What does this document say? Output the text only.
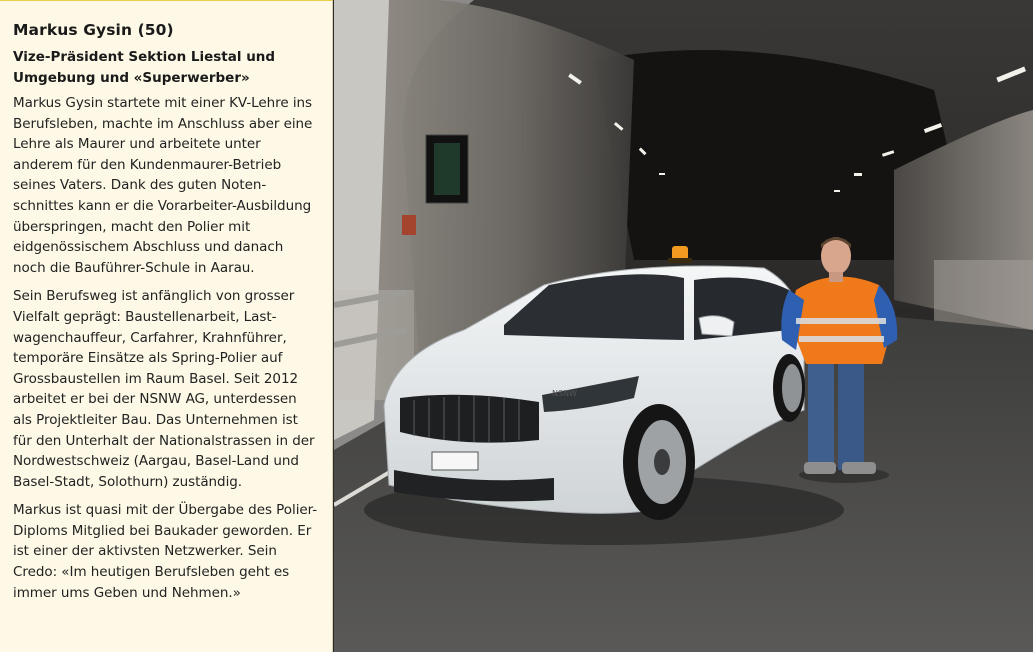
Markus Gysin (50)
Vize-Präsident Sektion Liestal und Umgebung und «Superwerber»

Markus Gysin startete mit einer KV-Lehre ins Berufsleben, machte im Anschluss aber eine Lehre als Maurer und arbeitete unter anderem für den Kundenmaurer-Betrieb seines Vaters. Dank des guten Noten-schnittes kann er die Vorarbeiter-Ausbildung überspringen, macht den Polier mit eidgenössischem Abschluss und danach noch die Bauführer-Schule in Aarau.

Sein Berufsweg ist anfänglich von grosser Vielfalt geprägt: Baustellenarbeit, Last-wagenchauffeur, Carfahrer, Krahnführer, temporäre Einsätze als Spring-Polier auf Grossbaustellen im Raum Basel. Seit 2012 arbeitet er bei der NSNW AG, unterdessen als Projektleiter Bau. Das Unternehmen ist für den Unterhalt der Nationalstrassen in der Nordwestschweiz (Aargau, Basel-Land und Basel-Stadt, Solothurn) zuständig.

Markus ist quasi mit der Übergabe des Polier-Diploms Mitglied bei Baukader geworden. Er ist einer der aktivsten Netzwerker. Sein Credo: «Im heutigen Berufsleben geht es immer ums Geben und Nehmen.»

NSNW
